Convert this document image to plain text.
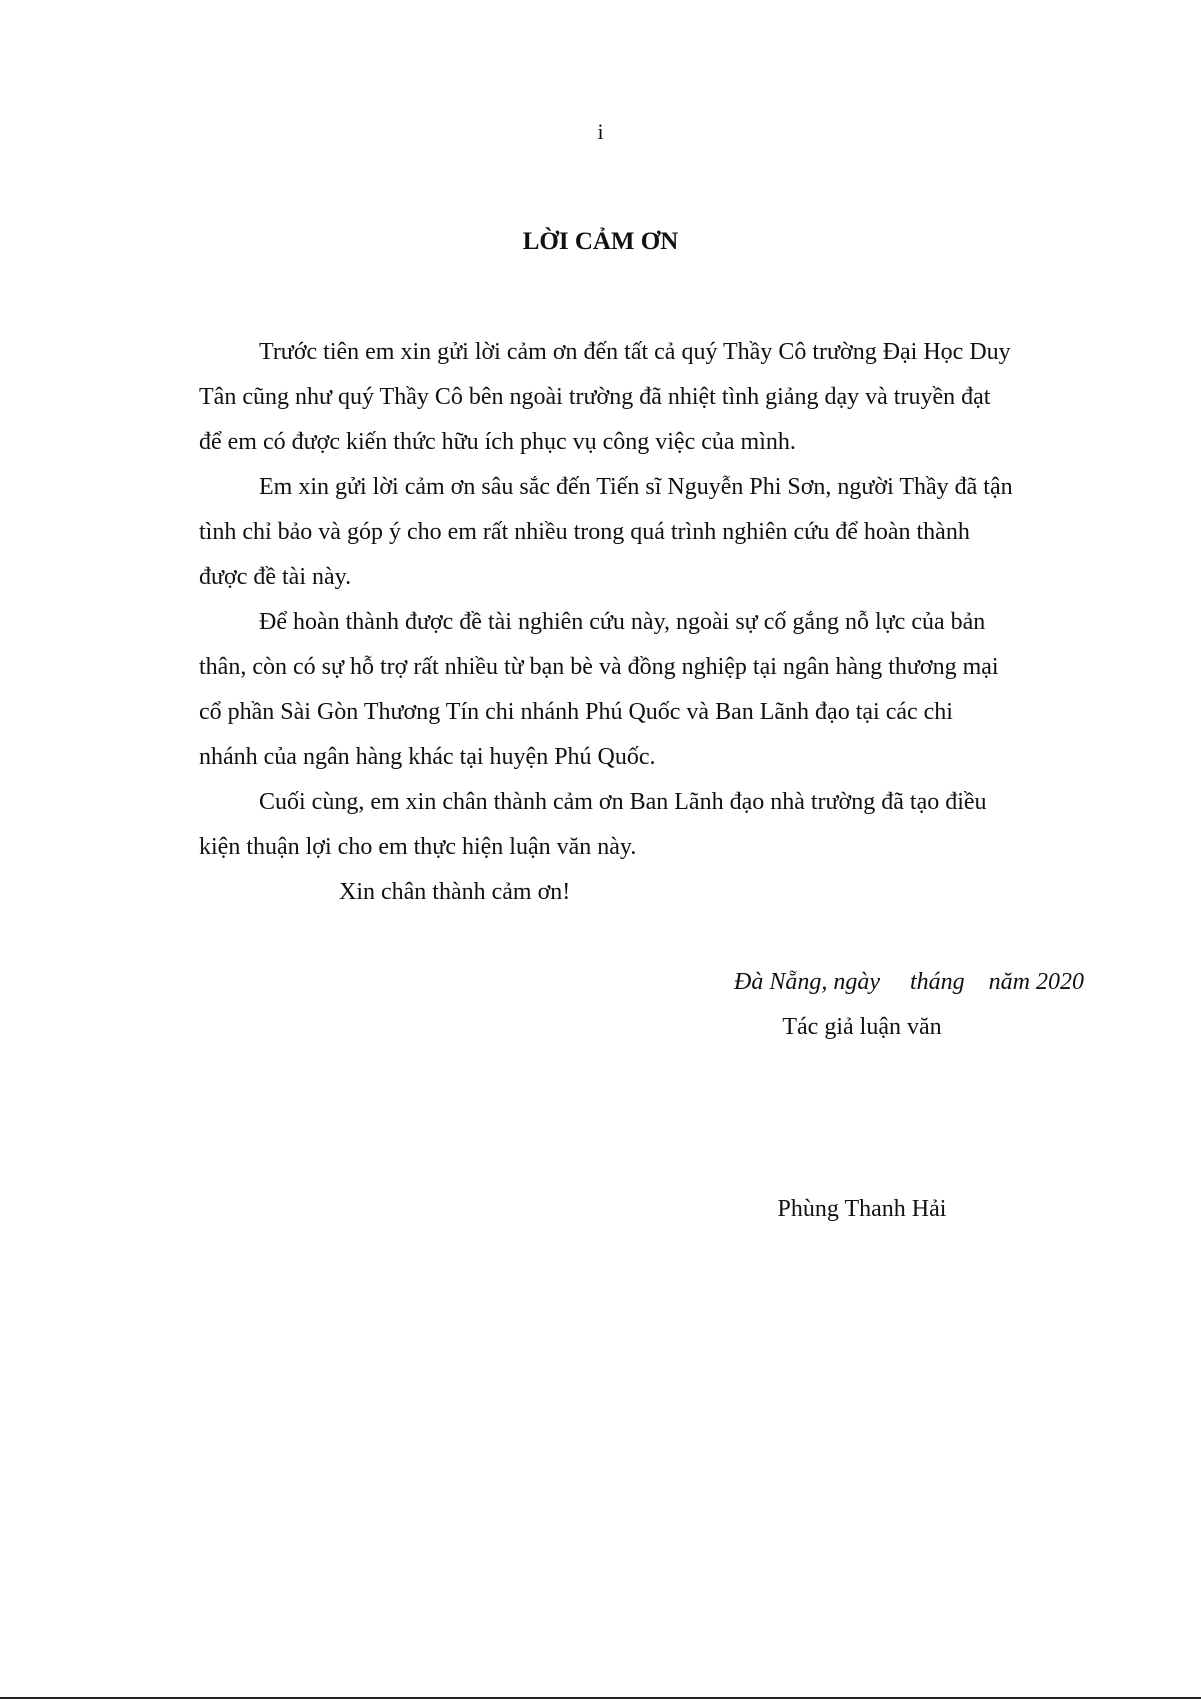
i
LỜI CẢM ƠN
Trước tiên em xin gửi lời cảm ơn đến tất cả quý Thầy Cô trường Đại Học Duy
Tân cũng như quý Thầy Cô bên ngoài trường đã nhiệt tình giảng dạy và truyền đạt
để em có được kiến thức hữu ích phục vụ công việc của mình.
Em xin gửi lời cảm ơn sâu sắc đến Tiến sĩ Nguyễn Phi Sơn, người Thầy đã tận
tình chỉ bảo và góp ý cho em rất nhiều trong quá trình nghiên cứu để hoàn thành
được đề tài này.
Để hoàn thành được đề tài nghiên cứu này, ngoài sự cố gắng nỗ lực của bản
thân, còn có sự hỗ trợ rất nhiều từ bạn bè và đồng nghiệp tại ngân hàng thương mại
cổ phần Sài Gòn Thương Tín chi nhánh Phú Quốc và Ban Lãnh đạo tại các chi
nhánh của ngân hàng khác tại huyện Phú Quốc.
Cuối cùng, em xin chân thành cảm ơn Ban Lãnh đạo nhà trường đã tạo điều
kiện thuận lợi cho em thực hiện luận văn này.
Xin chân thành cảm ơn!
Đà Nẵng, ngày     tháng    năm 2020
Tác giả luận văn
Phùng Thanh Hải
